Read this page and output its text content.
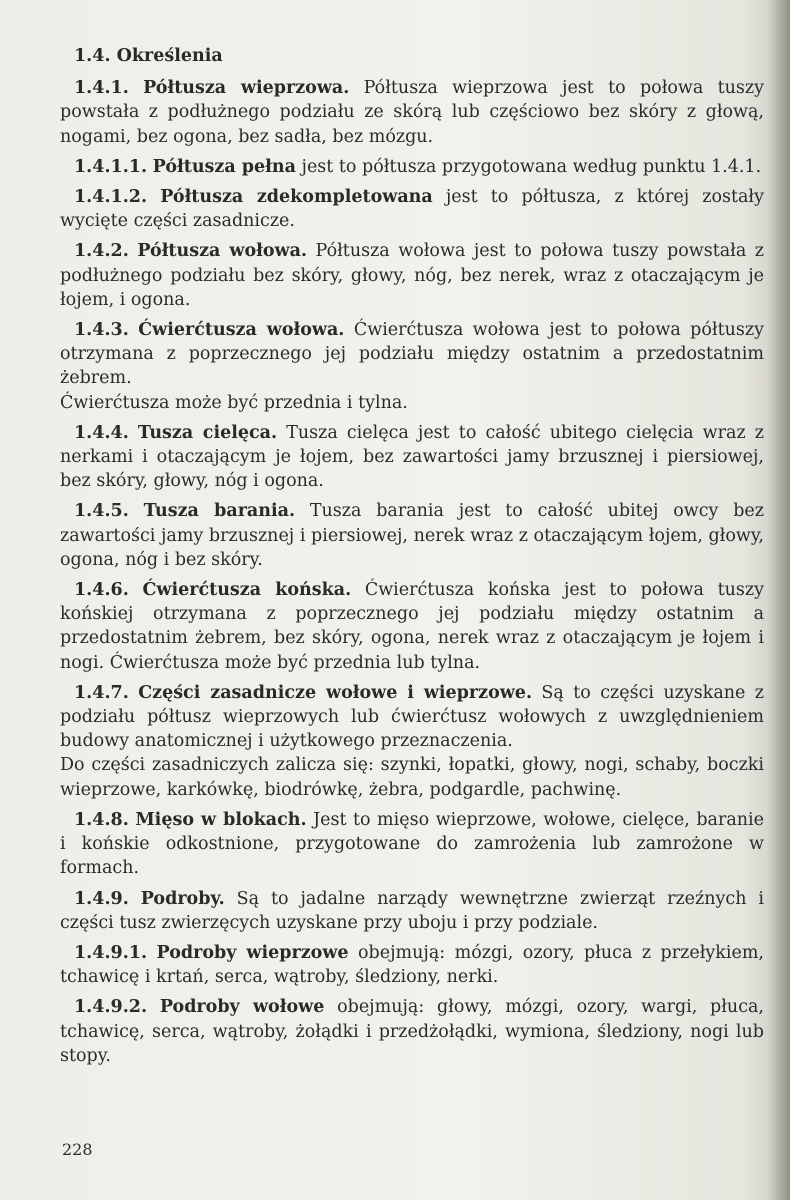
1.4. Określenia

1.4.1. Półtusza wieprzowa. Półtusza wieprzowa jest to połowa tuszy powstała z podłużnego podziału ze skórą lub częściowo bez skóry z głową, nogami, bez ogona, bez sadła, bez mózgu.

1.4.1.1. Półtusza pełna jest to półtusza przygotowana według punktu 1.4.1.

1.4.1.2. Półtusza zdekompletowana jest to półtusza, z której zostały wycięte części zasadnicze.

1.4.2. Półtusza wołowa. Półtusza wołowa jest to połowa tuszy powstała z podłużnego podziału bez skóry, głowy, nóg, bez nerek, wraz z otaczającym je łojem, i ogona.

1.4.3. Ćwierćtusza wołowa. Ćwierćtusza wołowa jest to połowa półtuszy otrzymana z poprzecznego jej podziału między ostatnim a przedostatnim żebrem.

Ćwierćtusza może być przednia i tylna.

1.4.4. Tusza cielęca. Tusza cielęca jest to całość ubitego cielęcia wraz z nerkami i otaczającym je łojem, bez zawartości jamy brzusznej i piersiowej, bez skóry, głowy, nóg i ogona.

1.4.5. Tusza barania. Tusza barania jest to całość ubitej owcy bez zawartości jamy brzusznej i piersiowej, nerek wraz z otaczającym łojem, głowy, ogona, nóg i bez skóry.

1.4.6. Ćwierćtusza końska. Ćwierćtusza końska jest to połowa tuszy końskiej otrzymana z poprzecznego jej podziału między ostatnim a przedostatnim żebrem, bez skóry, ogona, nerek wraz z otaczającym je łojem i nogi. Ćwierćtusza może być przednia lub tylna.

1.4.7. Części zasadnicze wołowe i wieprzowe. Są to części uzyskane z podziału półtusz wieprzowych lub ćwierćtusz wołowych z uwzględnieniem budowy anatomicznej i użytkowego przeznaczenia.

Do części zasadniczych zalicza się: szynki, łopatki, głowy, nogi, schaby, boczki wieprzowe, karkówkę, biodrówkę, żebra, podgardle, pachwinę.

1.4.8. Mięso w blokach. Jest to mięso wieprzowe, wołowe, cielęce, baranie i końskie odkostnione, przygotowane do zamrożenia lub zamrożone w formach.

1.4.9. Podroby. Są to jadalne narządy wewnętrzne zwierząt rzeźnych i części tusz zwierzęcych uzyskane przy uboju i przy podziale.

1.4.9.1. Podroby wieprzowe obejmują: mózgi, ozory, płuca z przełykiem, tchawicę i krtań, serca, wątroby, śledziony, nerki.

1.4.9.2. Podroby wołowe obejmują: głowy, mózgi, ozory, wargi, płuca, tchawicę, serca, wątroby, żołądki i przedżołądki, wymiona, śledziony, nogi lub stopy.

228
